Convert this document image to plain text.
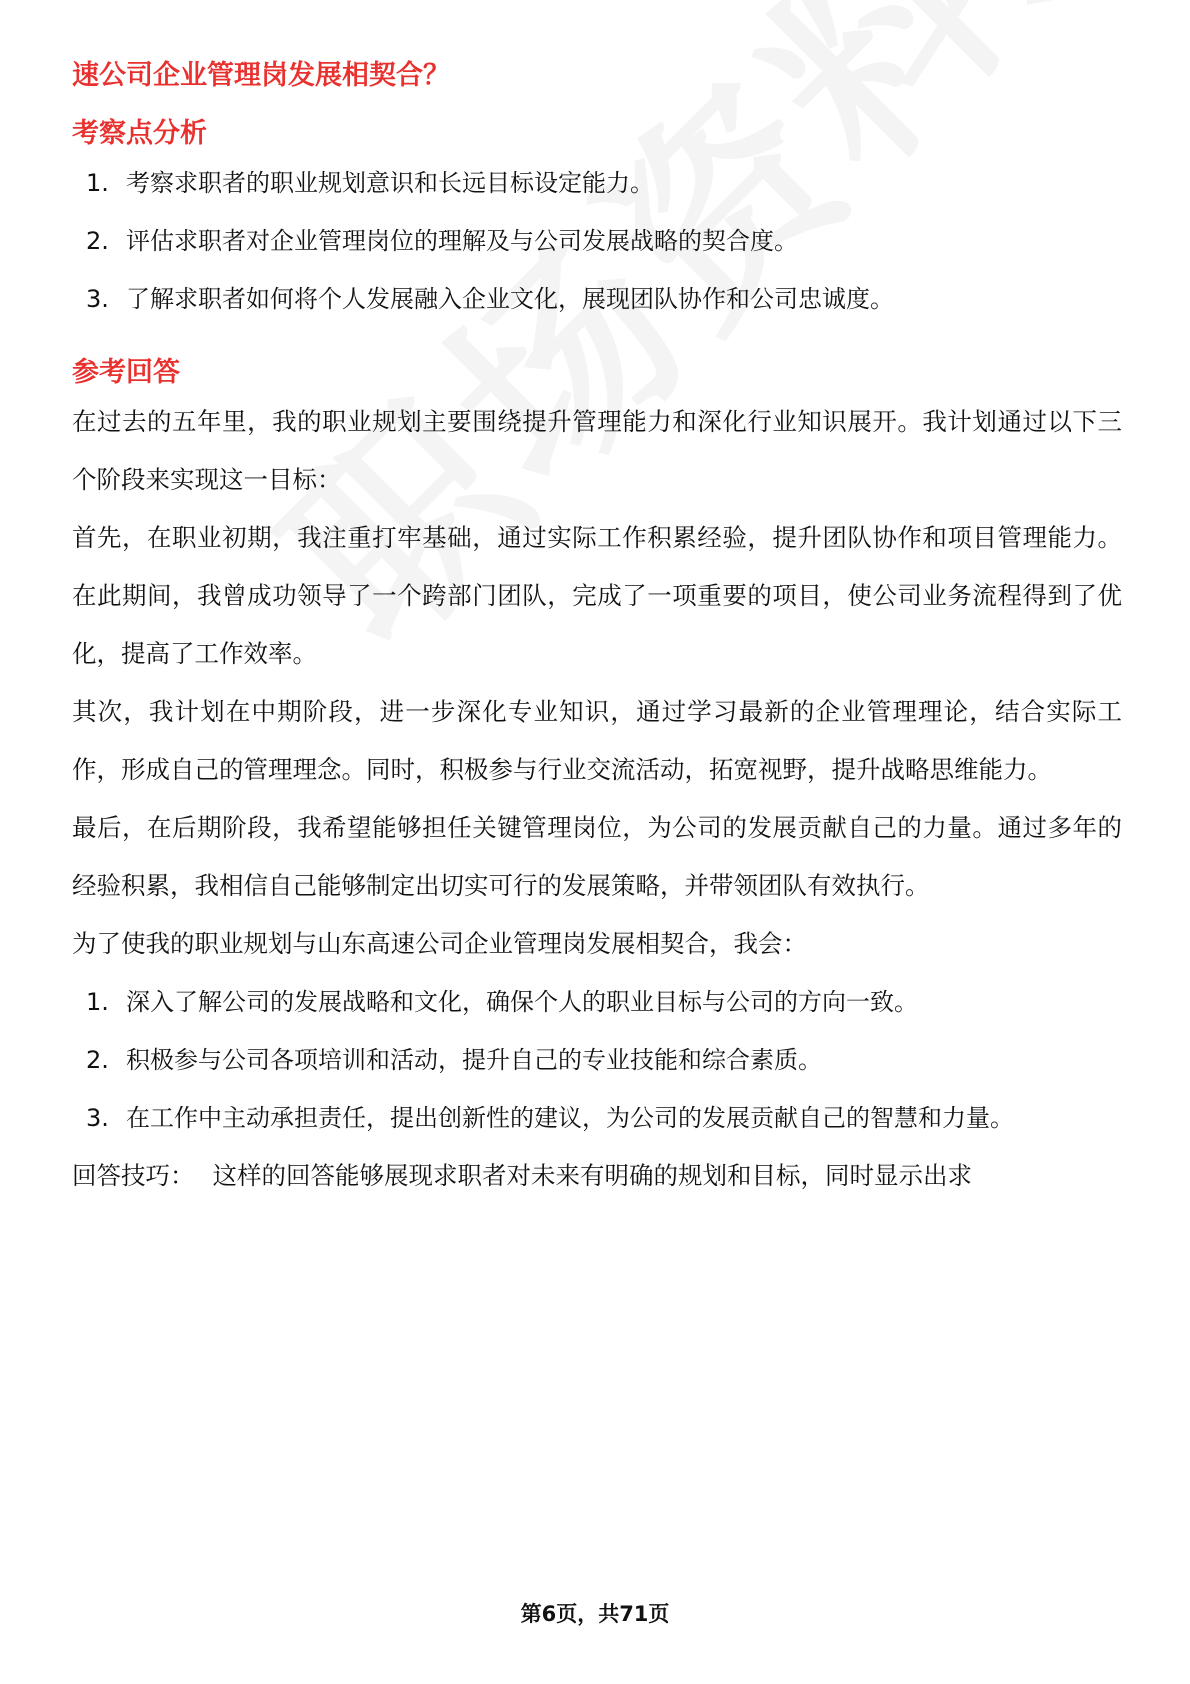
速公司企业管理岗发展相契合？
考察点分析
1. 考察求职者的职业规划意识和长远目标设定能力。
2. 评估求职者对企业管理岗位的理解及与公司发展战略的契合度。
3. 了解求职者如何将个人发展融入企业文化，展现团队协作和公司忠诚度。
参考回答

在过去的五年里，我的职业规划主要围绕提升管理能力和深化行业知识展开。我计划通过以下三个阶段来实现这一目标：

首先，在职业初期，我注重打牢基础，通过实际工作积累经验，提升团队协作和项目管理能力。在此期间，我曾成功领导了一个跨部门团队，完成了一项重要的项目，使公司业务流程得到了优化，提高了工作效率。

其次，我计划在中期阶段，进一步深化专业知识，通过学习最新的企业管理理论，结合实际工作，形成自己的管理理念。同时，积极参与行业交流活动，拓宽视野，提升战略思维能力。

最后，在后期阶段，我希望能够担任关键管理岗位，为公司的发展贡献自己的力量。通过多年的经验积累，我相信自己能够制定出切实可行的发展策略，并带领团队有效执行。

为了使我的职业规划与山东高速公司企业管理岗发展相契合，我会：

1. 深入了解公司的发展战略和文化，确保个人的职业目标与公司的方向一致。
2. 积极参与公司各项培训和活动，提升自己的专业技能和综合素质。
3. 在工作中主动承担责任，提出创新性的建议，为公司的发展贡献自己的智慧和力量。

回答技巧： 这样的回答能够展现求职者对未来有明确的规划和目标，同时显示出求

第6页，共71页
